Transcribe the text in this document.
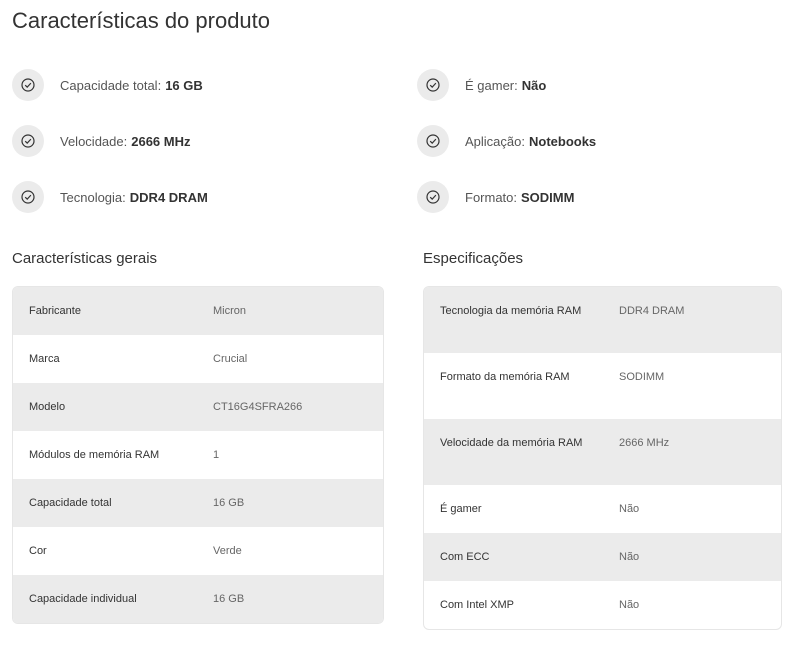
Características do produto
Capacidade total: 16 GB
Velocidade: 2666 MHz
Tecnologia: DDR4 DRAM
É gamer: Não
Aplicação: Notebooks
Formato: SODIMM
Características gerais
Fabricante	Micron
Marca	Crucial
Modelo	CT16G4SFRA266
Módulos de memória RAM	1
Capacidade total	16 GB
Cor	Verde
Capacidade individual	16 GB
Especificações
Tecnologia da memória RAM	DDR4 DRAM
Formato da memória RAM	SODIMM
Velocidade da memória RAM	2666 MHz
É gamer	Não
Com ECC	Não
Com Intel XMP	Não
